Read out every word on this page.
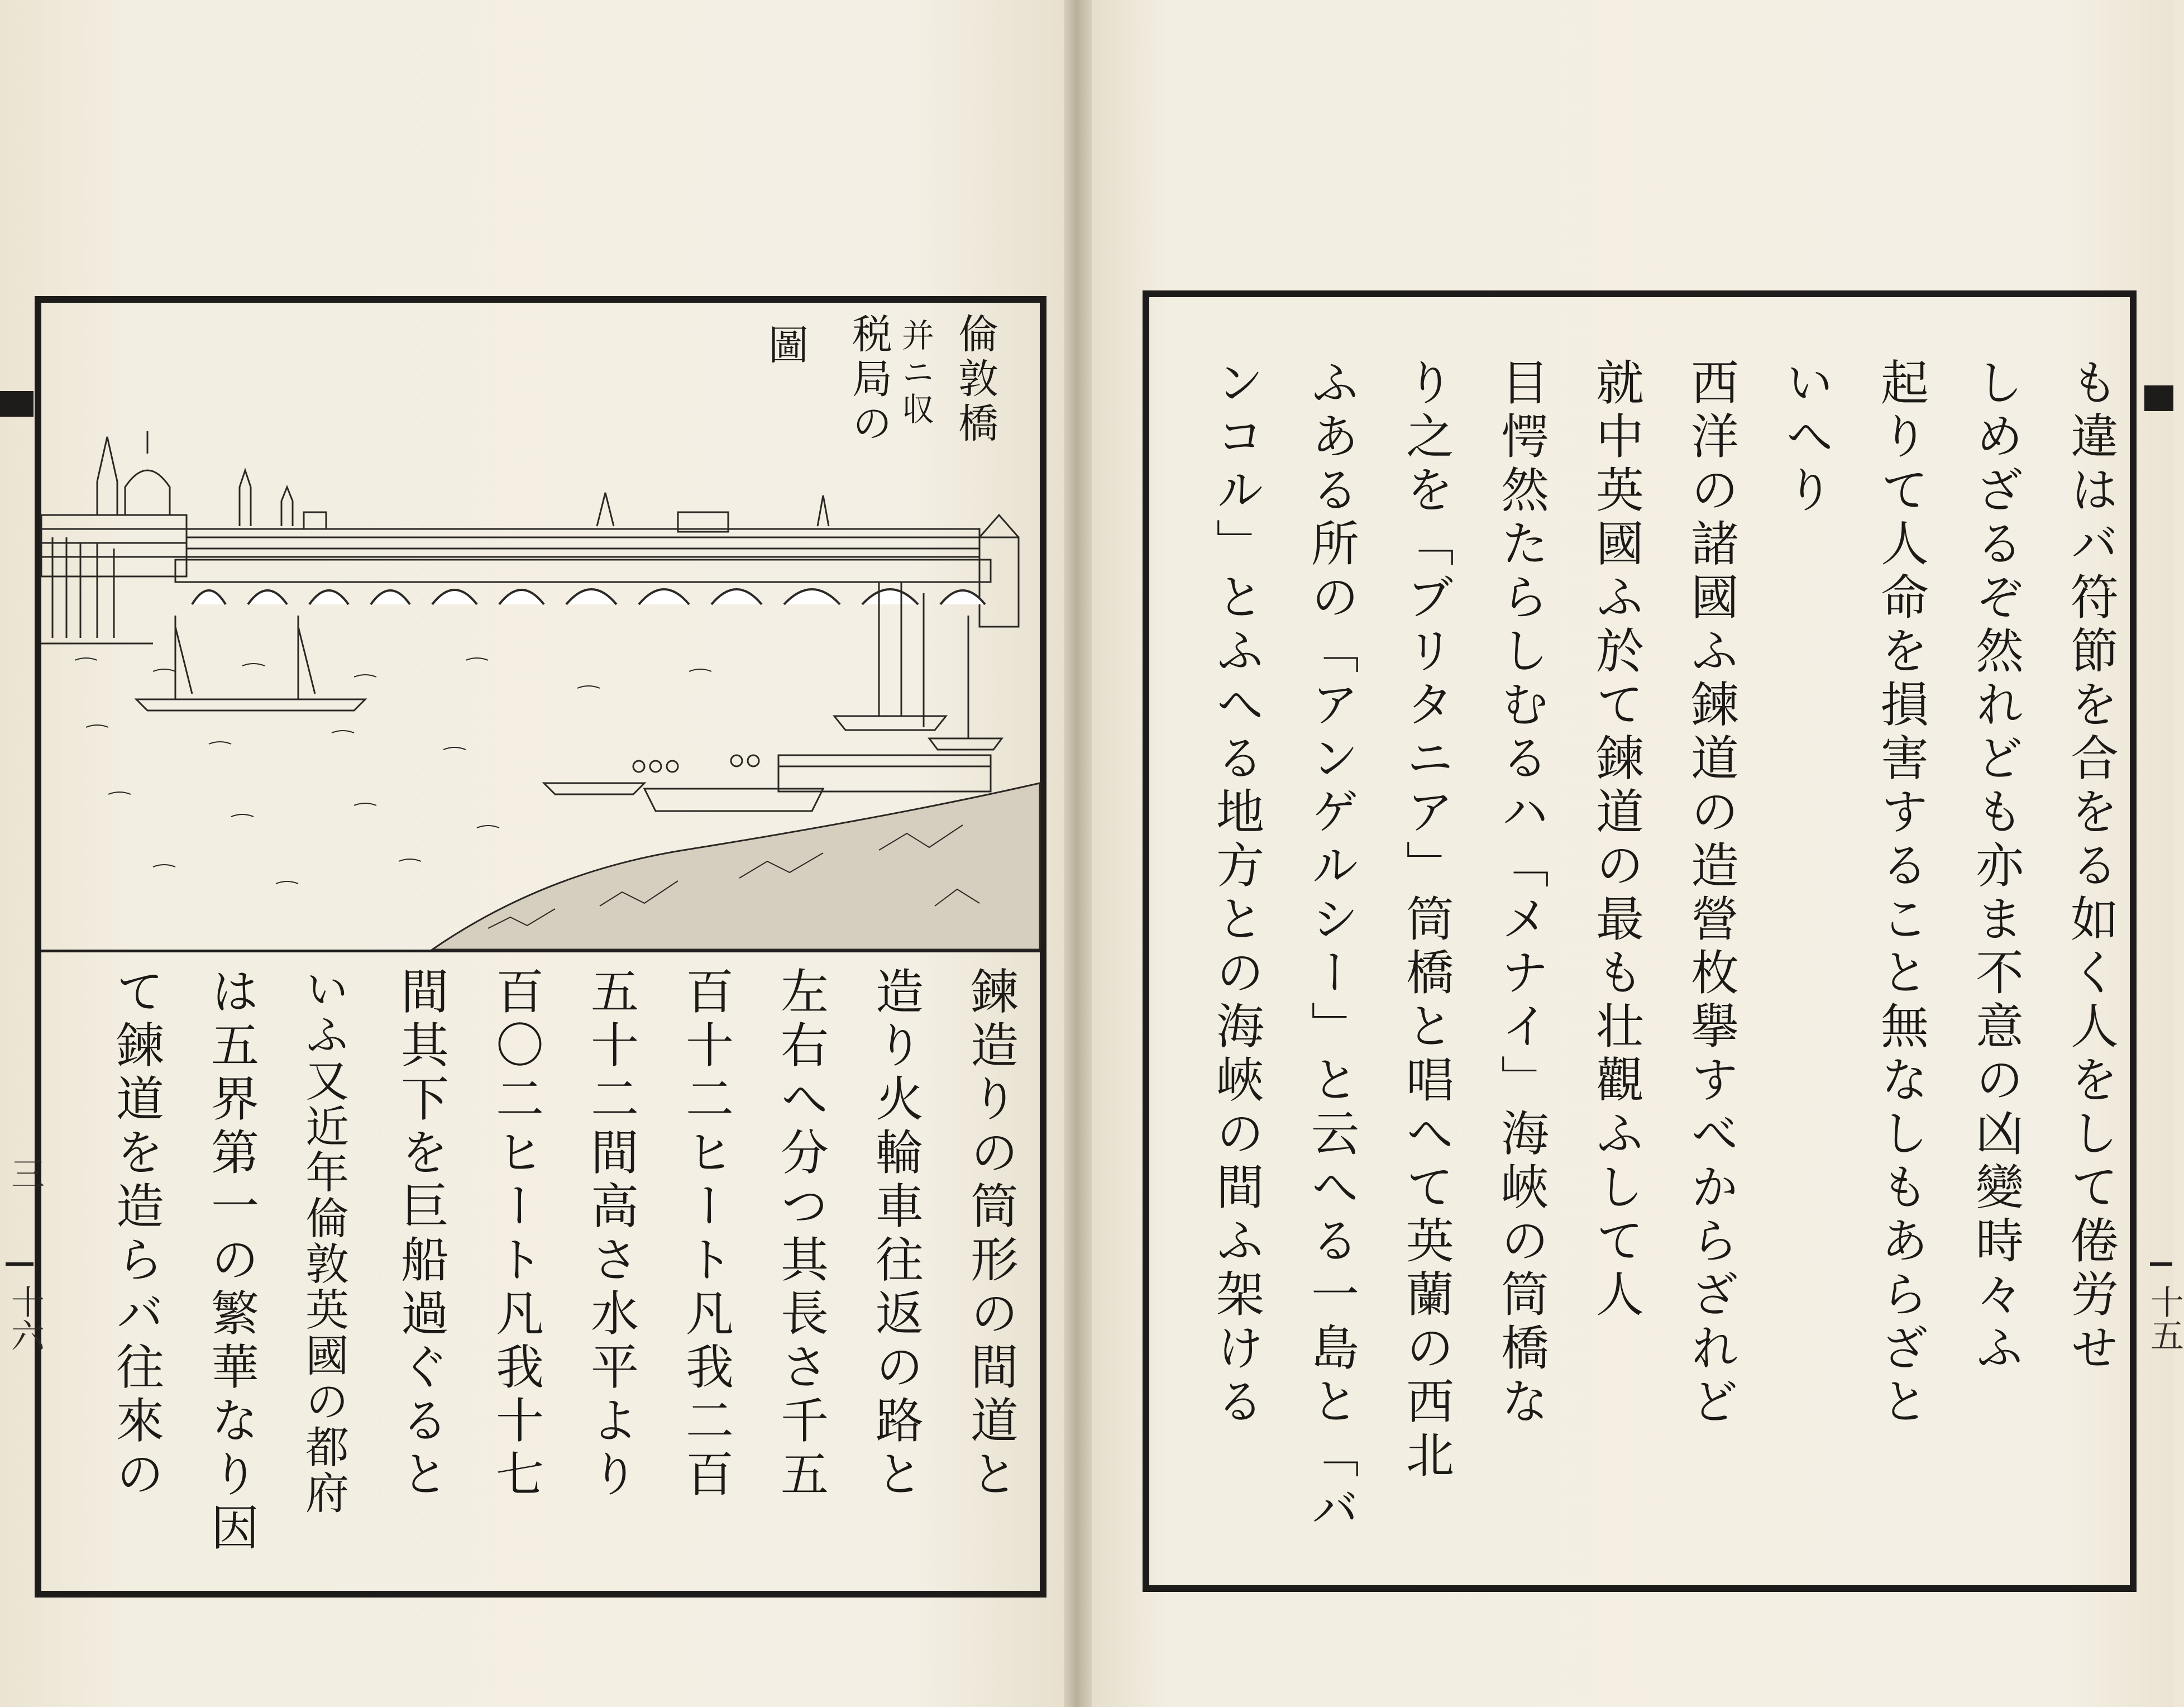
倫敦橋
并ニ収
税局の
圖
鍊造りの筒形の間道と
造り火輪車往返の路と
左右へ分つ其長さ千五
百十二ヒート凡我二百
五十二間高さ水平より
百〇二ヒート凡我十七
間其下を巨船過ぐると
いふ又近年倫敦英國の都府
は五界第一の繁華なり因
て鍊道を造らバ往來の
三
十六	も違はバ符節を合をる如く人をして倦労せ
しめざるぞ然れども亦ま不意の凶變時々ふ
起りて人命を損害すること無なしもあらざと
いへり
西洋の諸國ふ鍊道の造營枚擧すべからざれど
就中英國ふ於て鍊道の最も壮觀ふして人
目愕然たらしむるハ「メナイ」海峽の筒橋な
り之を「ブリタニア」筒橋と唱へて英蘭の西北
ふある所の「アンゲルシー」と云へる一島と「バ
ンコル」とふへる地方との海峽の間ふ架ける	十五
